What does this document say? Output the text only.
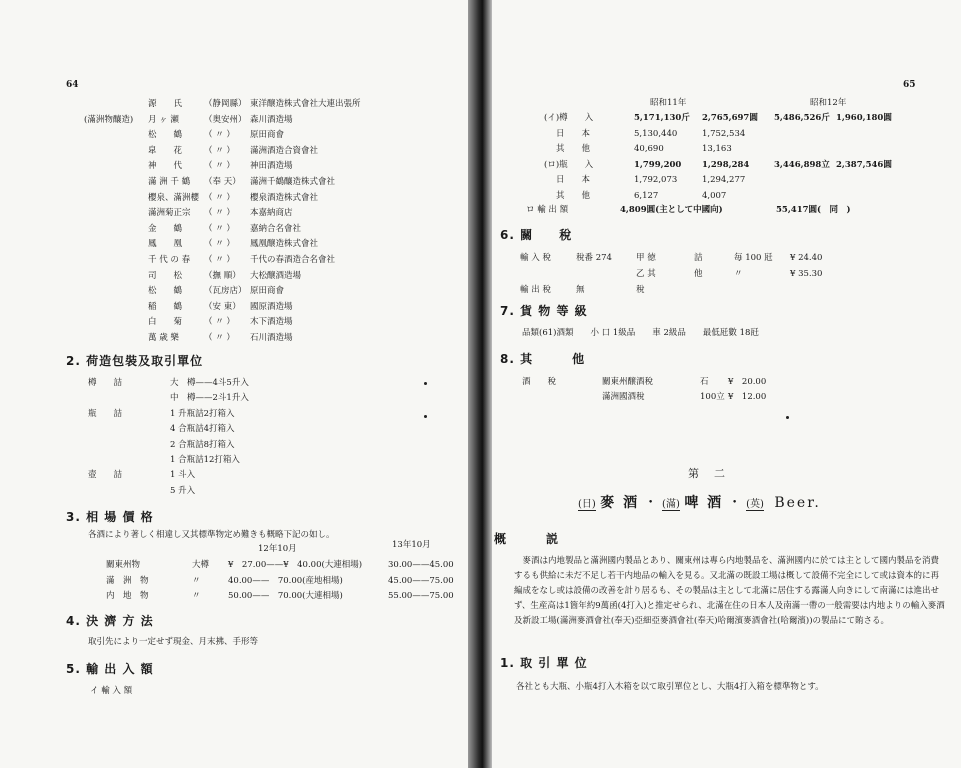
64
源　　氏	（静岡縣） 東洋醸造株式會社大連出張所
(滿洲物釀造) 月 ヶ 瀬	（奥安州） 森川酒造場
松　　鶴	（ 〃 ） 原田商會
皐　　花	（ 〃 ） 滿洲酒造合資會社
神　　代	（ 〃 ） 神田酒造場
滿 洲 千 鶴 （奉 天） 滿洲千鶴釀造株式會社
櫻泉、滿洲櫻 （ 〃 ） 櫻泉酒造株式會社
滿洲菊正宗 （ 〃 ） 本嘉納商店
金　　鶴	（ 〃 ） 嘉納合名會社
鳳　　凰	（ 〃 ） 鳳凰醸造株式會社
千 代 の 春 （ 〃 ） 千代の春酒造合名會社
司　　松	（撫 順） 大松醸酒造場
松　　鶴	（瓦房店） 原田商會
稲　　鶴	（安 東） 國原酒造場
白　　菊	（ 〃 ） 木下酒造場
萬 歳 樂	（ 〃 ） 石川酒造場
2. 荷造包裝及取引單位
樽　　詰	大　樽——4斗5升入
中　樽——2斗1升入
瓶　　詰	1 升瓶詰2打箱入
4 合瓶詰4打箱入
2 合瓶詰8打箱入
1 合瓶詰12打箱入
壺　　詰	1 斗入
5 升入
3. 相 場 價 格
各酒により著しく相違し又其標準物定め難きも概略下記の如し。
13年10月
12年10月
關東州物	大樽 ¥　27.00——¥　40.00(大連相場)	30.00——45.00
滿　洲　物	〃	40.00——　70.00(産地相場)	45.00——75.00
内　地　物	〃	50.00——　70.00(大連相場)	55.00——75.00
4. 決 濟 方 法
取引先により一定せず現金、月末拂、手形等
5. 輸 出 入 額
イ 輸 入 額
65
昭和11年	昭和12年
(イ)樽　　入	5,171,130斤 2,765,697圓 5,486,526斤 1,960,180圓
日　　本	5,130,440	1,752,534
其　　他	40,690	13,163
(ロ)瓶　　入	1,799,200 1,298,284	3,446,898立 2,387,546圓
日　　本	1,792,073	1,294,277
其　　他	6,127	4,007
ロ 輸 出 額	4,809圓(主として中國向)	55,417圓(　同　)
6. 關　　稅
輸 入 稅	稅番 274	甲 徳	詰	毎 100 瓩 ¥ 24.40
乙 其	他	〃	¥ 35.30
輸 出 稅	無	稅
7. 貨 物 等 級
品類(61)酒類　　小 口 1級品　　車 2級品　　最低瓩數 18瓩
8. 其　　　他
酒　　稅	關東州醸酒稅	石 ¥　20.00
滿洲國酒稅	100立 ¥　12.00
第　二
(日) 麥 酒 ・ (滿) 啤 酒 ・ (英) Beer.
概　　　説
麥酒は内地製品と滿洲國内製品とあり、關東州は專ら内地製品を、滿洲國内に於ては主として國内製品を消費するも供給に未だ不足し若干内地品の輸入を見る。又北滿の既設工場は概して設備不完全にして或は資本的に再編成をなし或は設備の改善を計り居るも、その製品は主として北滿に居住する露滿人向きにして南滿には進出せず、生産高は1箇年約9萬函(4打入)と推定せられ、北滿在住の日本人及南滿一帶の一般需要は内地よりの輸入麥酒及新設工場(滿洲麥酒會社(奉天)亞細亞麥酒會社(奉天)哈爾濱麥酒會社(哈爾濱))の製品にて賄さる。
1. 取 引 單 位
各社とも大瓶、小瓶4打入木箱を以て取引單位とし、大瓶4打入箱を標準物とす。
